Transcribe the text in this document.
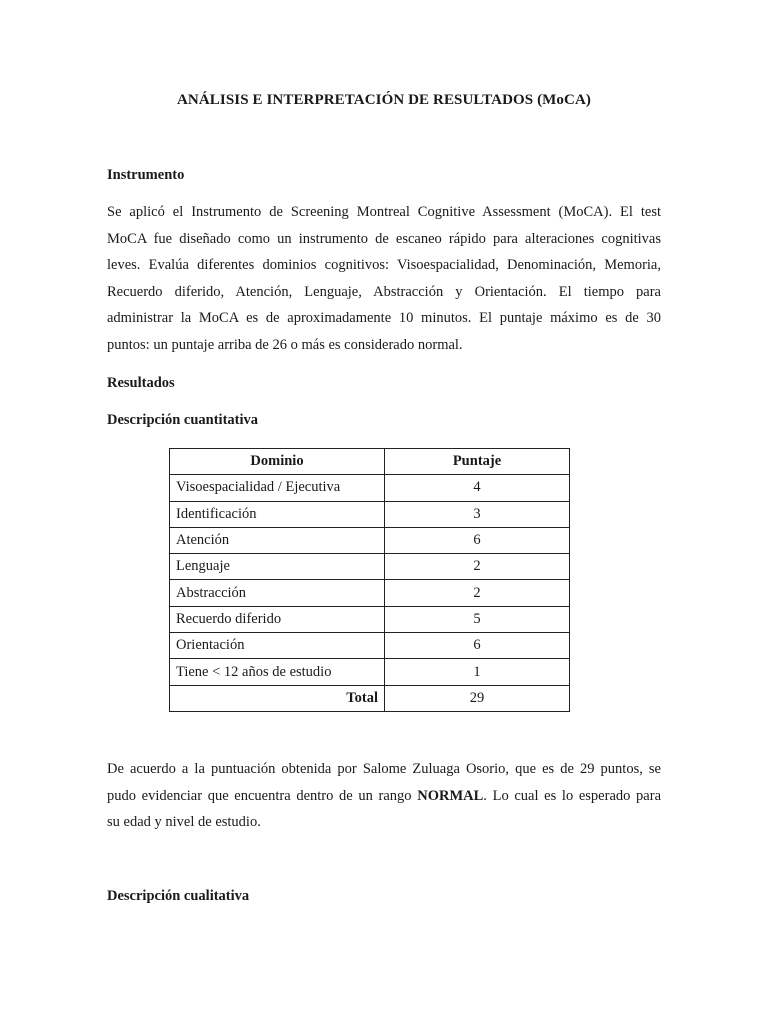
ANÁLISIS E INTERPRETACIÓN DE RESULTADOS (MoCA)
Instrumento
Se aplicó el Instrumento de Screening Montreal Cognitive Assessment (MoCA). El test
MoCA fue diseñado como un instrumento de escaneo rápido para alteraciones cognitivas
leves. Evalúa diferentes dominios cognitivos: Visoespacialidad, Denominación, Memoria,
Recuerdo diferido, Atención, Lenguaje, Abstracción y Orientación. El tiempo para
administrar la MoCA es de aproximadamente 10 minutos. El puntaje máximo es de 30
puntos: un puntaje arriba de 26 o más es considerado normal.
Resultados
Descripción cuantitativa
Dominio	Puntaje
Visoespacialidad / Ejecutiva	4
Identificación	3
Atención	6
Lenguaje	2
Abstracción	2
Recuerdo diferido	5
Orientación	6
Tiene < 12 años de estudio	1
Total	29
De acuerdo a la puntuación obtenida por Salome Zuluaga Osorio, que es de 29 puntos, se
pudo evidenciar que encuentra dentro de un rango NORMAL. Lo cual es lo esperado para
su edad y nivel de estudio.
Descripción cualitativa
